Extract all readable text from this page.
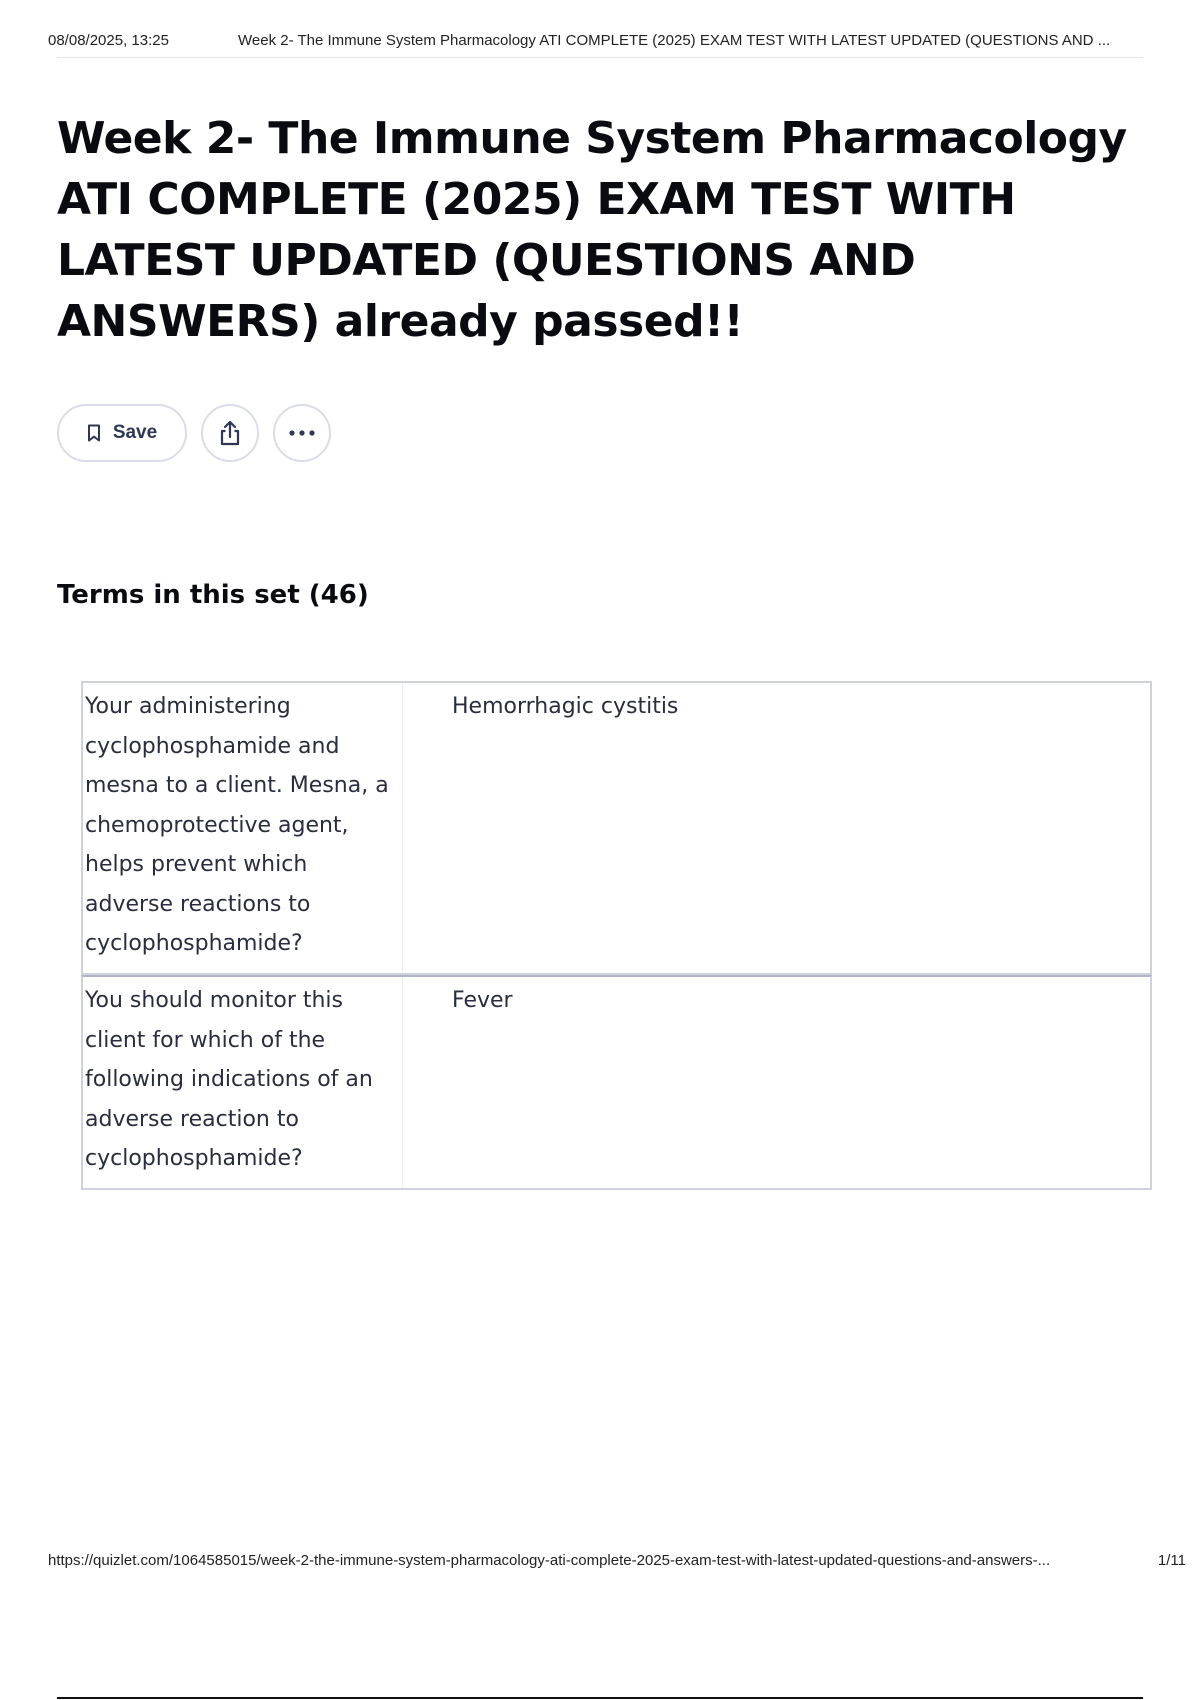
08/08/2025, 13:25	Week 2- The Immune System Pharmacology ATI COMPLETE (2025) EXAM TEST WITH LATEST UPDATED (QUESTIONS AND ...
Week 2- The Immune System Pharmacology ATI COMPLETE (2025) EXAM TEST WITH LATEST UPDATED (QUESTIONS AND ANSWERS) already passed!!
Save
Terms in this set (46)
Your administering cyclophosphamide and mesna to a client. Mesna, a chemoprotective agent, helps prevent which adverse reactions to cyclophosphamide?
Hemorrhagic cystitis
You should monitor this client for which of the following indications of an adverse reaction to cyclophosphamide?
Fever
https://quizlet.com/1064585015/week-2-the-immune-system-pharmacology-ati-complete-2025-exam-test-with-latest-updated-questions-and-answers-...	1/11
